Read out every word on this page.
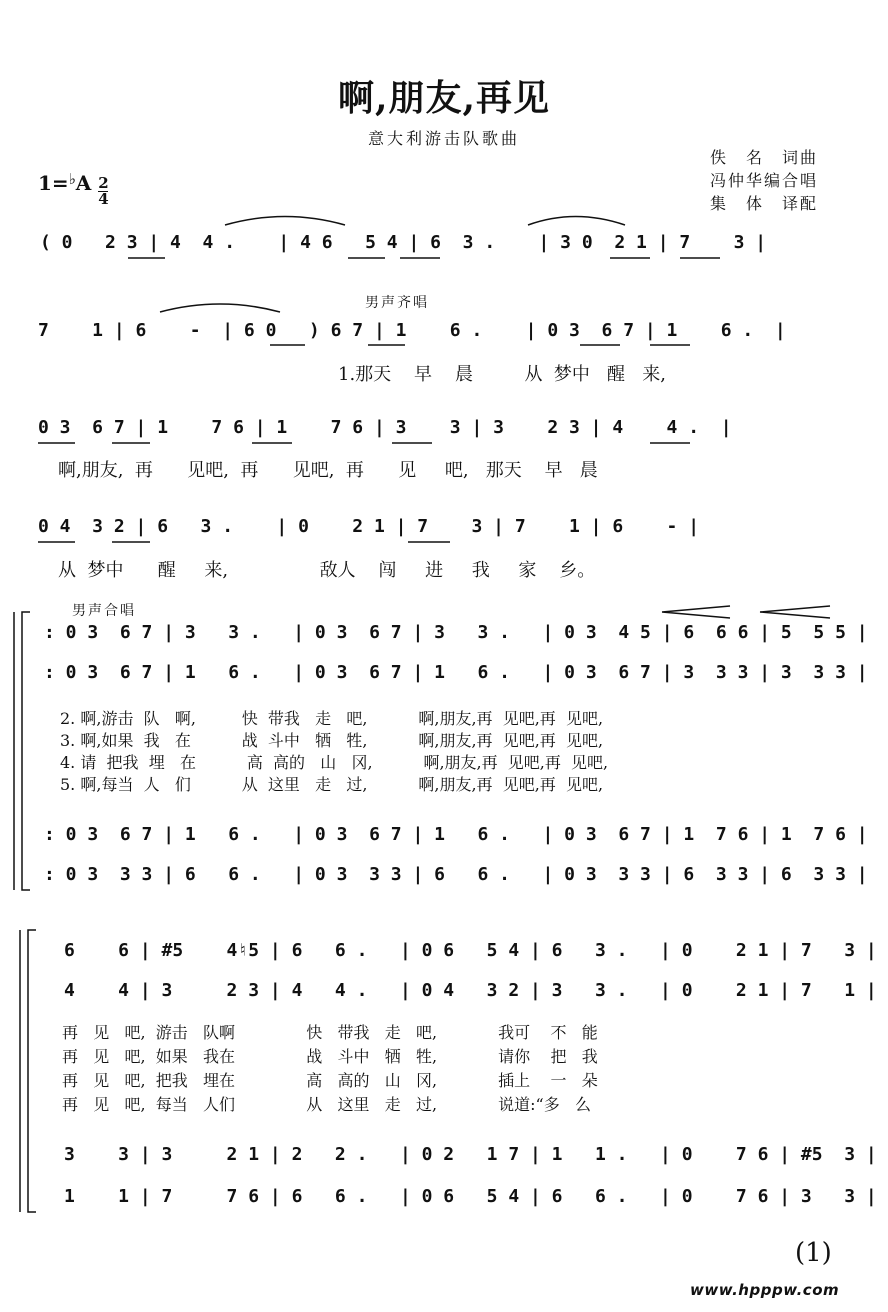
啊,朋友,再见
意大利游击队歌曲
佚　名　词曲
冯仲华编合唱
集　体　译配
$1=^♭A \frac{2}{4}$
( 0   2 3 | 4  4 .    | 4 6   5 4 | 6  3 .    | 3 0  2 1 | 7    3 |
男声齐唱
7    1 | 6    -  | 6 0   ) 6 7 | 1    6 .    | 0 3  6 7 | 1    6 .  |
1.那天    早    晨         从  梦中   醒   来,
0 3  6 7 | 1    7 6 | 1    7 6 | 3    3 | 3    2 3 | 4    4 .  |
啊,朋友,  再      见吧,  再      见吧,  再      见     吧,   那天    早   晨
0 4  3 2 | 6   3 .    | 0    2 1 | 7    3 | 7    1 | 6    - |
从  梦中      醒     来,                敌人    闯     进     我     家    乡。
男声合唱
: 0 3  6 7 | 3   3 .   | 0 3  6 7 | 3   3 .   | 0 3  4 5 | 6  6 6 | 5  5 5 |
: 0 3  6 7 | 1   6 .   | 0 3  6 7 | 1   6 .   | 0 3  6 7 | 3  3 3 | 3  3 3 |
2. 啊,游击  队   啊,         快  带我   走   吧,          啊,朋友,再  见吧,再  见吧,
3. 啊,如果  我   在          战  斗中   牺   牲,          啊,朋友,再  见吧,再  见吧,
4. 请  把我  埋   在          高  高的   山   冈,          啊,朋友,再  见吧,再  见吧,
5. 啊,每当  人   们          从  这里   走   过,          啊,朋友,再  见吧,再  见吧,
: 0 3  6 7 | 1   6 .   | 0 3  6 7 | 1   6 .   | 0 3  6 7 | 1  7 6 | 1  7 6 |
: 0 3  3 3 | 6   6 .   | 0 3  3 3 | 6   6 .   | 0 3  3 3 | 6  3 3 | 6  3 3 |
6    6 | #5    4♮5 | 6   6 .   | 0 6   5 4 | 6   3 .   | 0    2 1 | 7   3 |
4    4 | 3     2 3 | 4   4 .   | 0 4   3 2 | 3   3 .   | 0    2 1 | 7   1 |
再   见   吧,  游击   队啊              快   带我   走   吧,            我可    不   能
再   见   吧,  如果   我在              战   斗中   牺   牲,            请你    把   我
再   见   吧,  把我   埋在              高   高的   山   冈,            插上    一   朵
再   见   吧,  每当   人们              从   这里   走   过,            说道:“多   么
3    3 | 3     2 1 | 2   2 .   | 0 2   1 7 | 1   1 .   | 0    7 6 | #5  3 |
1    1 | 7     7 6 | 6   6 .   | 0 6   5 4 | 6   6 .   | 0    7 6 | 3   3 |
(1)
www.hpppw.com
